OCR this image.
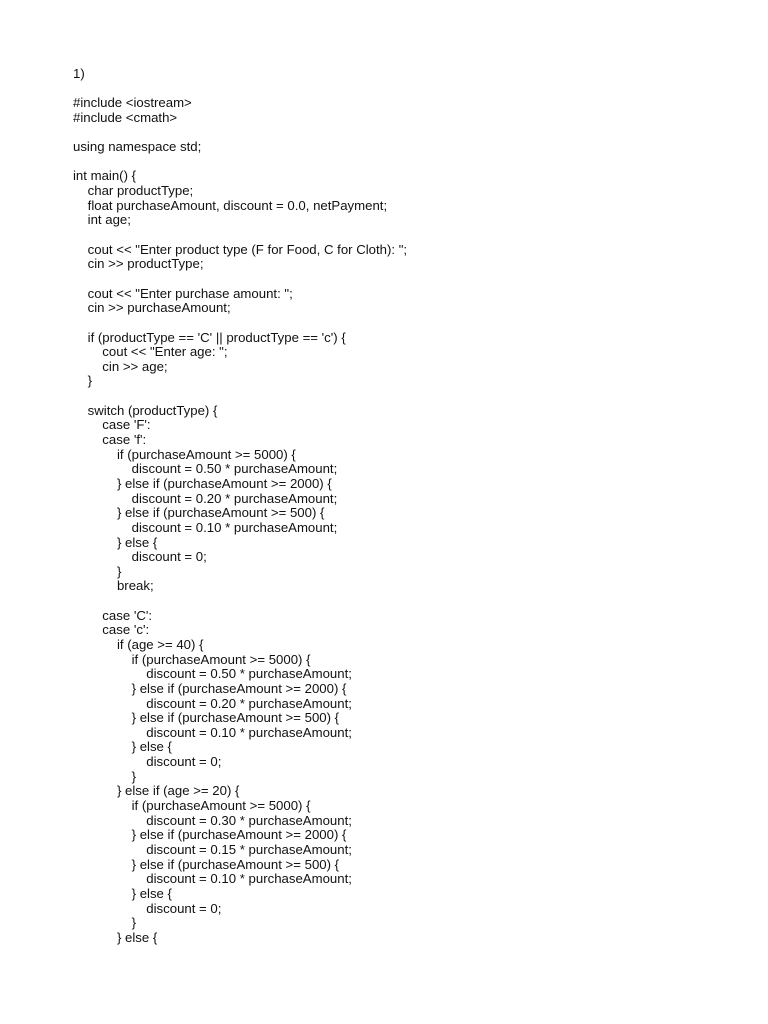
1)
#include <iostream>
#include <cmath>
using namespace std;
int main() {
char productType;
float purchaseAmount, discount = 0.0, netPayment;
int age;
cout << "Enter product type (F for Food, C for Cloth): ";
cin >> productType;
cout << "Enter purchase amount: ";
cin >> purchaseAmount;
if (productType == 'C' || productType == 'c') {
cout << "Enter age: ";
cin >> age;
}
switch (productType) {
case 'F':
case 'f':
if (purchaseAmount >= 5000) {
discount = 0.50 * purchaseAmount;
} else if (purchaseAmount >= 2000) {
discount = 0.20 * purchaseAmount;
} else if (purchaseAmount >= 500) {
discount = 0.10 * purchaseAmount;
} else {
discount = 0;
}
break;
case 'C':
case 'c':
if (age >= 40) {
if (purchaseAmount >= 5000) {
discount = 0.50 * purchaseAmount;
} else if (purchaseAmount >= 2000) {
discount = 0.20 * purchaseAmount;
} else if (purchaseAmount >= 500) {
discount = 0.10 * purchaseAmount;
} else {
discount = 0;
}
} else if (age >= 20) {
if (purchaseAmount >= 5000) {
discount = 0.30 * purchaseAmount;
} else if (purchaseAmount >= 2000) {
discount = 0.15 * purchaseAmount;
} else if (purchaseAmount >= 500) {
discount = 0.10 * purchaseAmount;
} else {
discount = 0;
}
} else {
